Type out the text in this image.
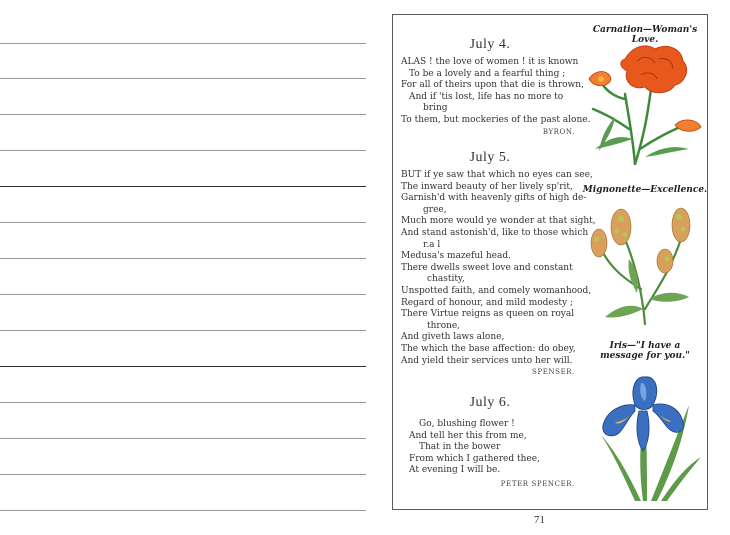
July 4.

ALAS ! the love of women ! it is known
To be a lovely and a fearful thing ;
For all of theirs upon that die is thrown,
And if 'tis lost, life has no more to
bring
To them, but mockeries of the past alone.

BYRON.
July 5.

BUT if ye saw that which no eyes can see,
The inward beauty of her lively sp'rit,
Garnish'd with heavenly gifts of high de-
gree,
Much more would ye wonder at that sight,
And stand astonish'd, like to those which
r.a l
Medusa's mazeful head.
There dwells sweet love and constant
chastity,
Unspotted faith, and comely womanhood,
Regard of honour, and mild modesty ;
There Virtue reigns as queen on royal
throne,
And giveth laws alone,
The which the base affection: do obey,
And yield their services unto her will.

SPENSER.
July 6.

Go, blushing flower !
And tell her this from me,
That in the bower
From which I gathered thee,
At evening I will be.

PETER SPENCER.
Carnation—Woman's Love.
Mignonette—Excellence.
Iris—"I have a message for you."
71
